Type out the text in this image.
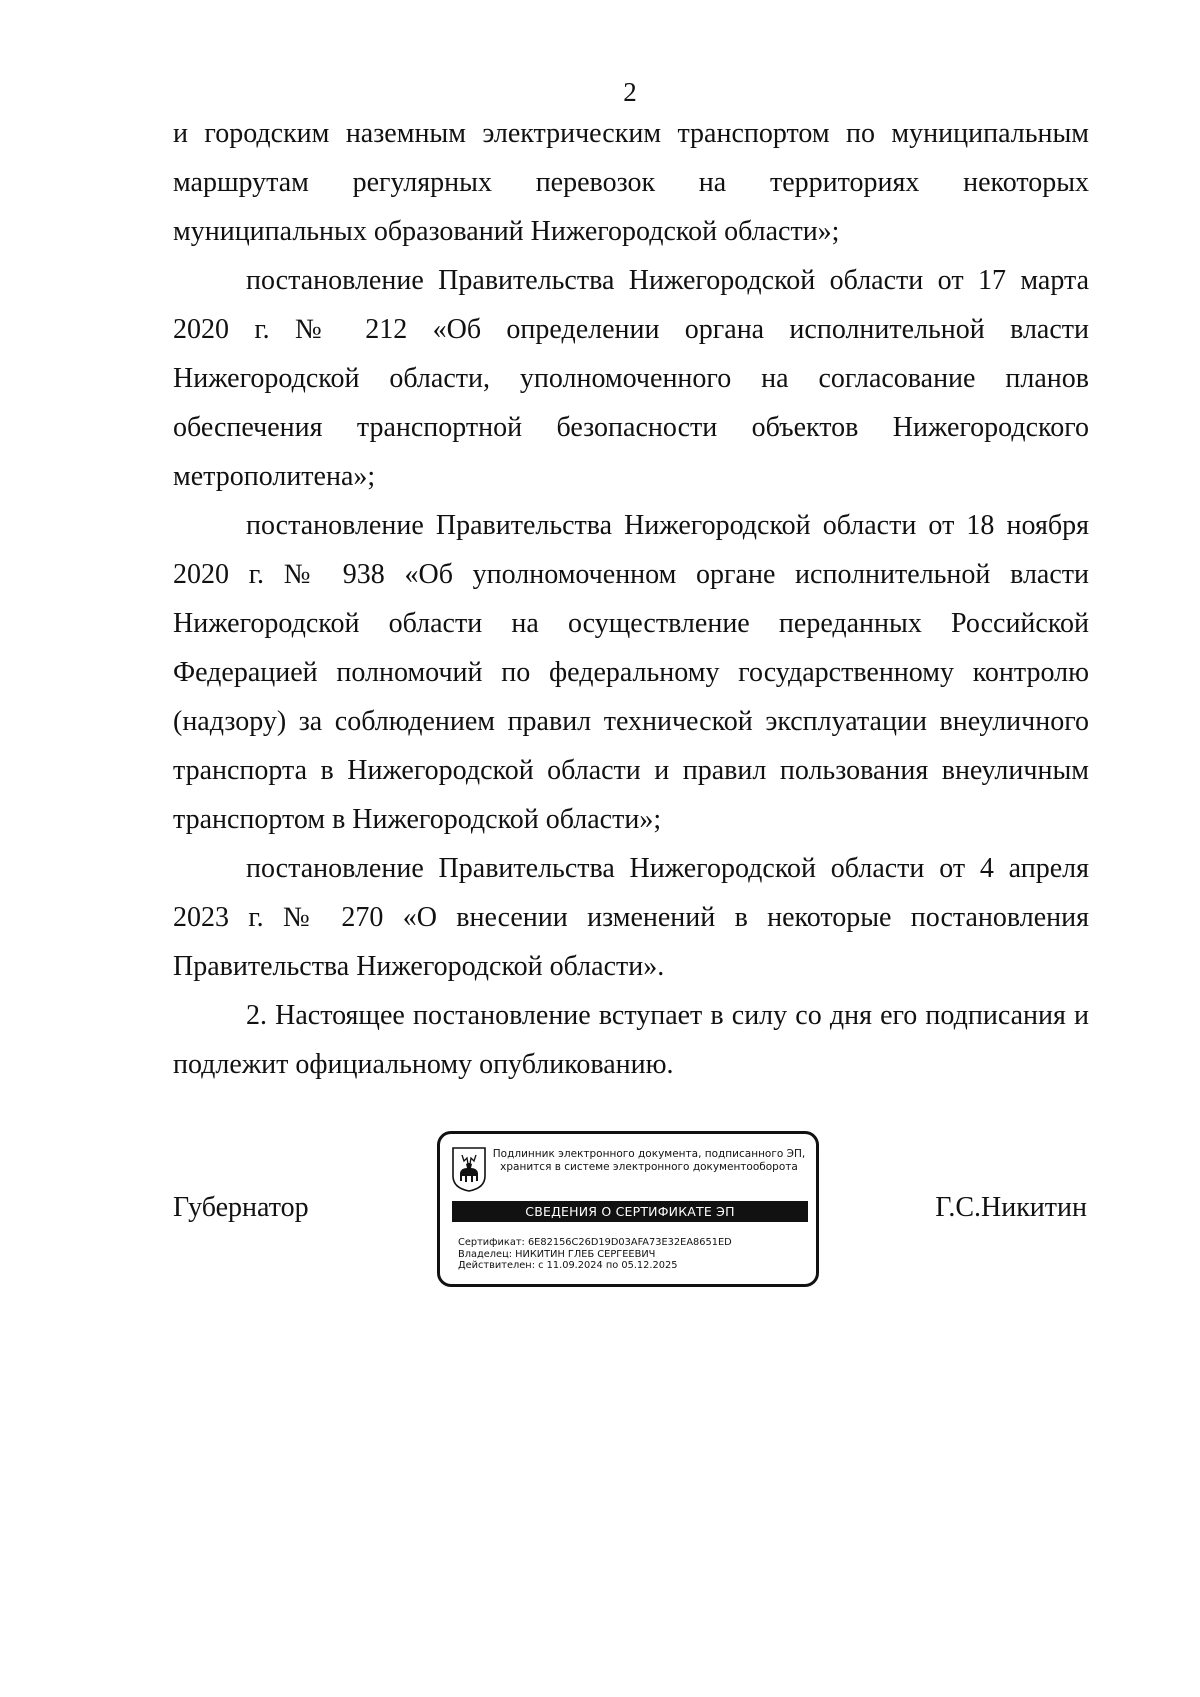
2

и городским наземным электрическим транспортом по муниципальным маршрутам регулярных перевозок на территориях некоторых муниципальных образований Нижегородской области»;

постановление Правительства Нижегородской области от 17 марта 2020 г. № 212 «Об определении органа исполнительной власти Нижегородской области, уполномоченного на согласование планов обеспечения транспортной безопасности объектов Нижегородского метрополитена»;

постановление Правительства Нижегородской области от 18 ноября 2020 г. № 938 «Об уполномоченном органе исполнительной власти Нижегородской области на осуществление переданных Российской Федерацией полномочий по федеральному государственному контролю (надзору) за соблюдением правил технической эксплуатации внеуличного транспорта в Нижегородской области и правил пользования внеуличным транспортом в Нижегородской области»;

постановление Правительства Нижегородской области от 4 апреля 2023 г. № 270 «О внесении изменений в некоторые постановления Правительства Нижегородской области».

2. Настоящее постановление вступает в силу со дня его подписания и подлежит официальному опубликованию.

Губернатор
Подлинник электронного документа, подписанного ЭП,
хранится в системе электронного документооборота
СВЕДЕНИЯ О СЕРТИФИКАТЕ ЭП
Сертификат: 6E82156C26D19D03AFA73E32EA8651ED
Владелец: НИКИТИН ГЛЕБ СЕРГЕЕВИЧ
Действителен: с 11.09.2024 по 05.12.2025
Г.С.Никитин
